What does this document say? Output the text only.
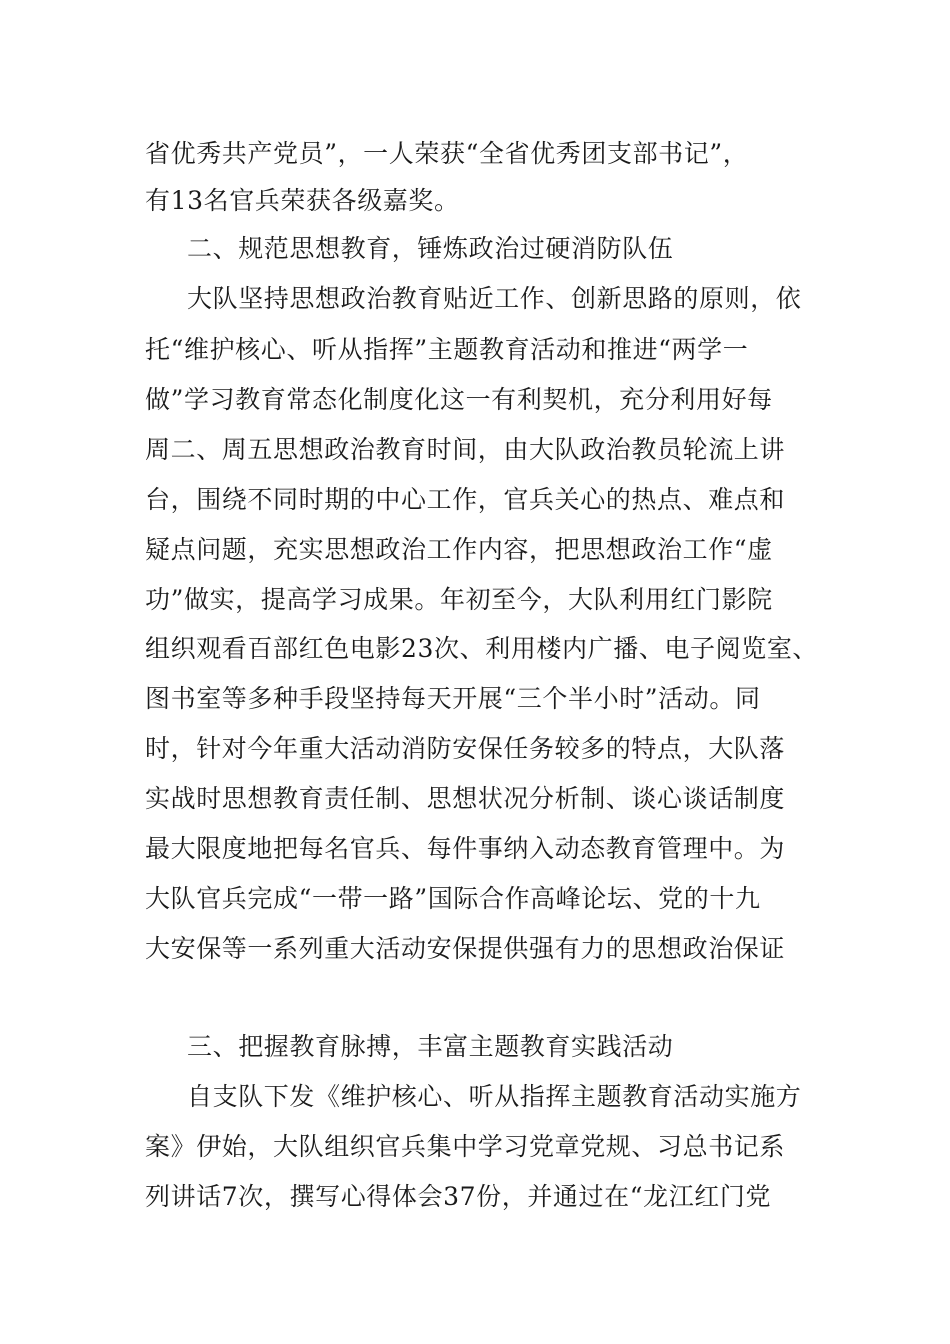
省优秀共产党员”，一人荣获“全省优秀团支部书记”，
有13名官兵荣获各级嘉奖。
二、规范思想教育，锤炼政治过硬消防队伍
大队坚持思想政治教育贴近工作、创新思路的原则，依
托“维护核心、听从指挥”主题教育活动和推进“两学一
做”学习教育常态化制度化这一有利契机，充分利用好每
周二、周五思想政治教育时间，由大队政治教员轮流上讲
台，围绕不同时期的中心工作，官兵关心的热点、难点和
疑点问题，充实思想政治工作内容，把思想政治工作“虚
功”做实，提高学习成果。年初至今，大队利用红门影院
组织观看百部红色电影23次、利用楼内广播、电子阅览室、
图书室等多种手段坚持每天开展“三个半小时”活动。同
时，针对今年重大活动消防安保任务较多的特点，大队落
实战时思想教育责任制、思想状况分析制、谈心谈话制度
最大限度地把每名官兵、每件事纳入动态教育管理中。为
大队官兵完成“一带一路”国际合作高峰论坛、党的十九
大安保等一系列重大活动安保提供强有力的思想政治保证
三、把握教育脉搏，丰富主题教育实践活动
自支队下发《维护核心、听从指挥主题教育活动实施方
案》伊始，大队组织官兵集中学习党章党规、习总书记系
列讲话7次，撰写心得体会37份，并通过在“龙江红门党
